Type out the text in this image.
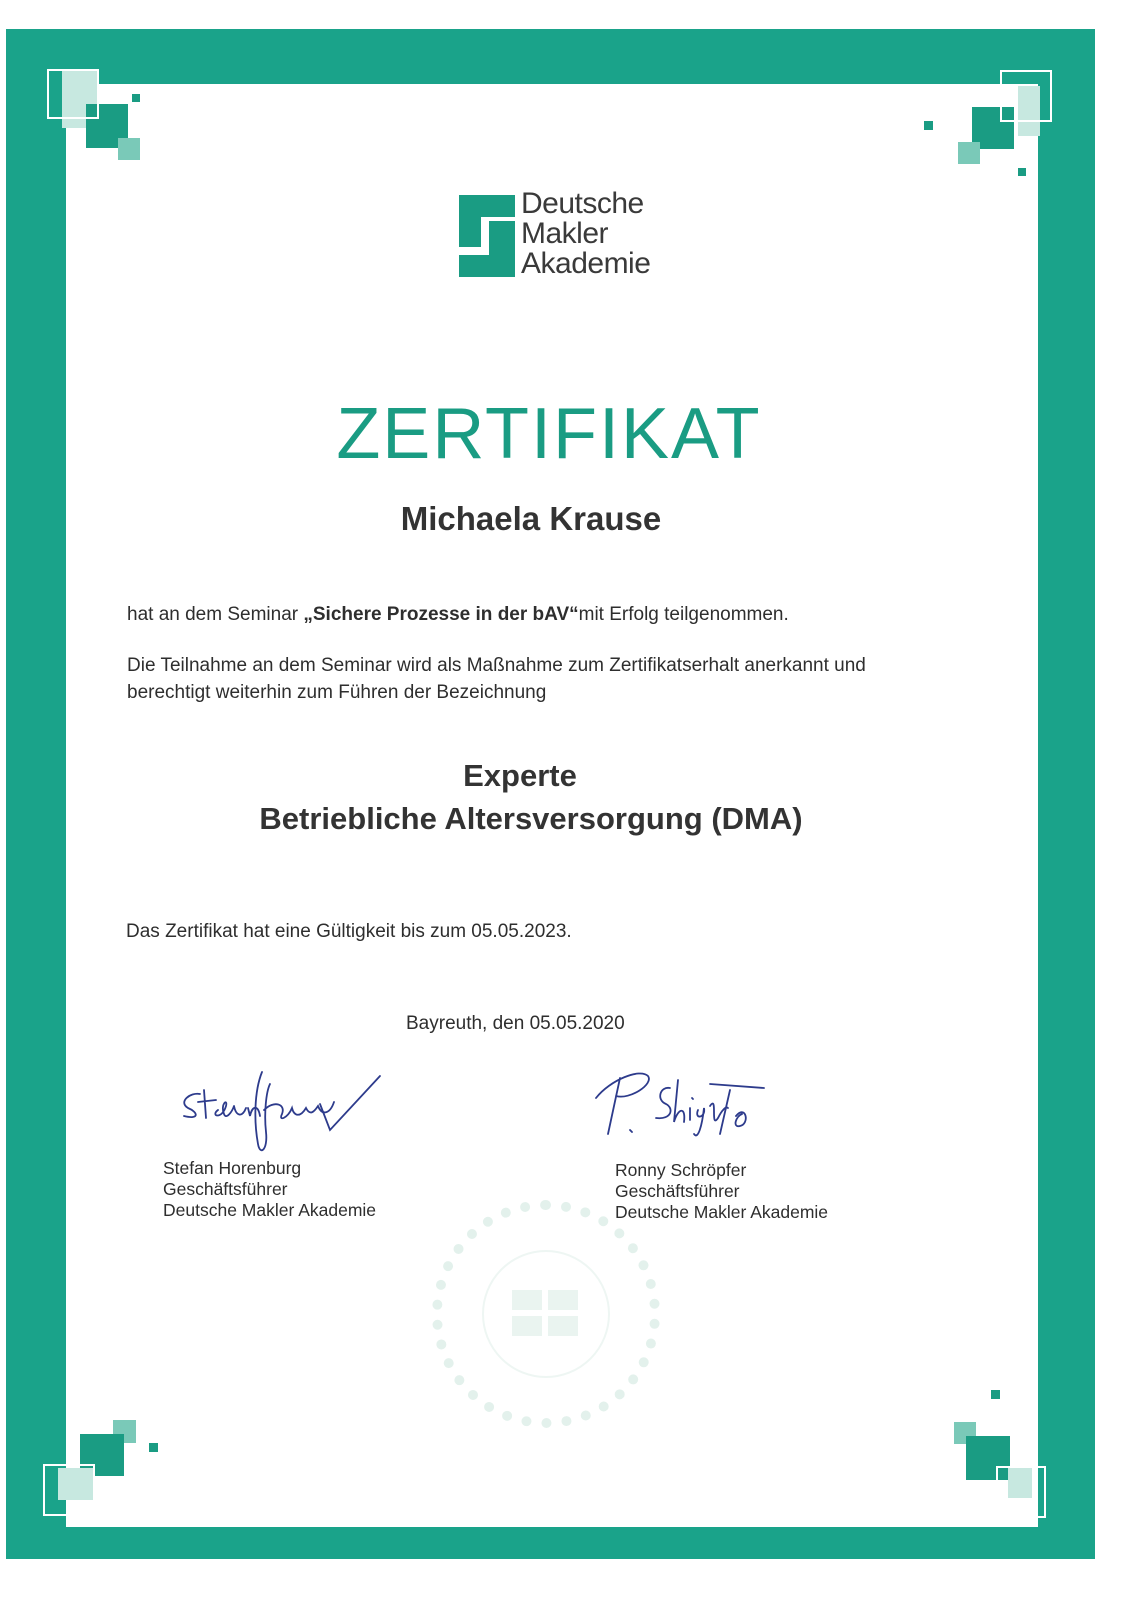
Deutsche
Makler
Akademie
ZERTIFIKAT
Michaela Krause
hat an dem Seminar „Sichere Prozesse in der bAV“mit Erfolg teilgenommen.
Die Teilnahme an dem Seminar wird als Maßnahme zum Zertifikatserhalt anerkannt und
berechtigt weiterhin zum Führen der Bezeichnung
Experte
Betriebliche Altersversorgung (DMA)
Das Zertifikat hat eine Gültigkeit bis zum 05.05.2023.
Bayreuth, den 05.05.2020
Stefan Horenburg
Geschäftsführer
Deutsche Makler Akademie
Ronny Schröpfer
Geschäftsführer
Deutsche Makler Akademie
